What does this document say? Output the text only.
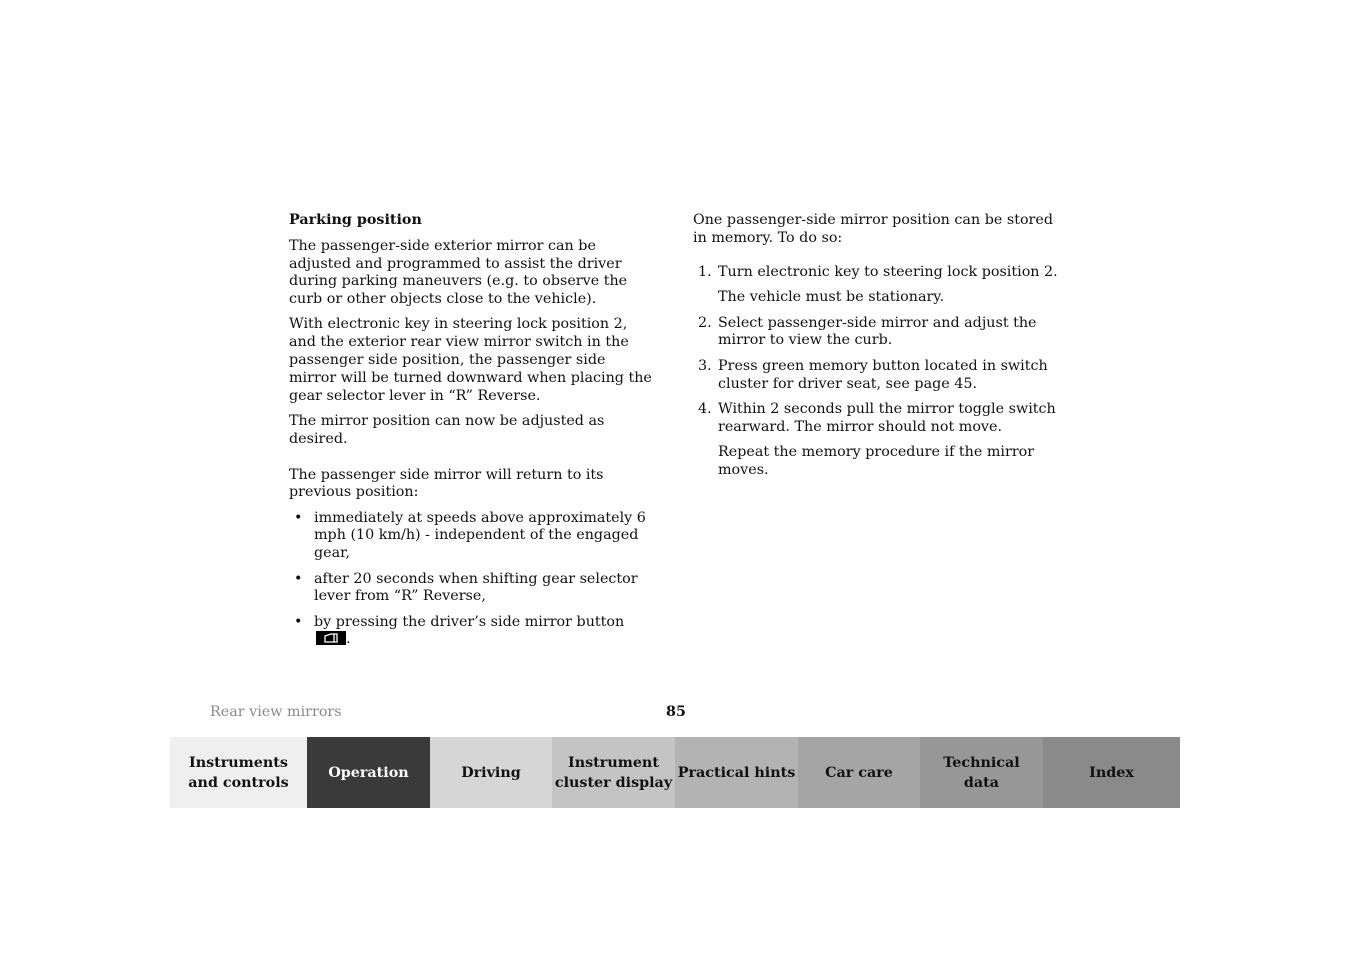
Parking position

The passenger-side exterior mirror can be adjusted and programmed to assist the driver during parking maneuvers (e.g. to observe the curb or other objects close to the vehicle).

With electronic key in steering lock position 2, and the exterior rear view mirror switch in the passenger side position, the passenger side mirror will be turned downward when placing the gear selector lever in “R” Reverse.

The mirror position can now be adjusted as desired.

The passenger side mirror will return to its previous position:

• immediately at speeds above approximately 6 mph (10 km/h) - independent of the engaged gear,
• after 20 seconds when shifting gear selector lever from “R” Reverse,
• by pressing the driver’s side mirror button
.

One passenger-side mirror position can be stored in memory. To do so:

1. Turn electronic key to steering lock position 2.

The vehicle must be stationary.

2. Select passenger-side mirror and adjust the mirror to view the curb.
3. Press green memory button located in switch cluster for driver seat, see page 45.
4. Within 2 seconds pull the mirror toggle switch rearward. The mirror should not move.

Repeat the memory procedure if the mirror moves.

Rear view mirrors	85
Instruments
and controls
Operation	Driving
Instrument
cluster display
Practical hints Car care
Technical
data
Index
